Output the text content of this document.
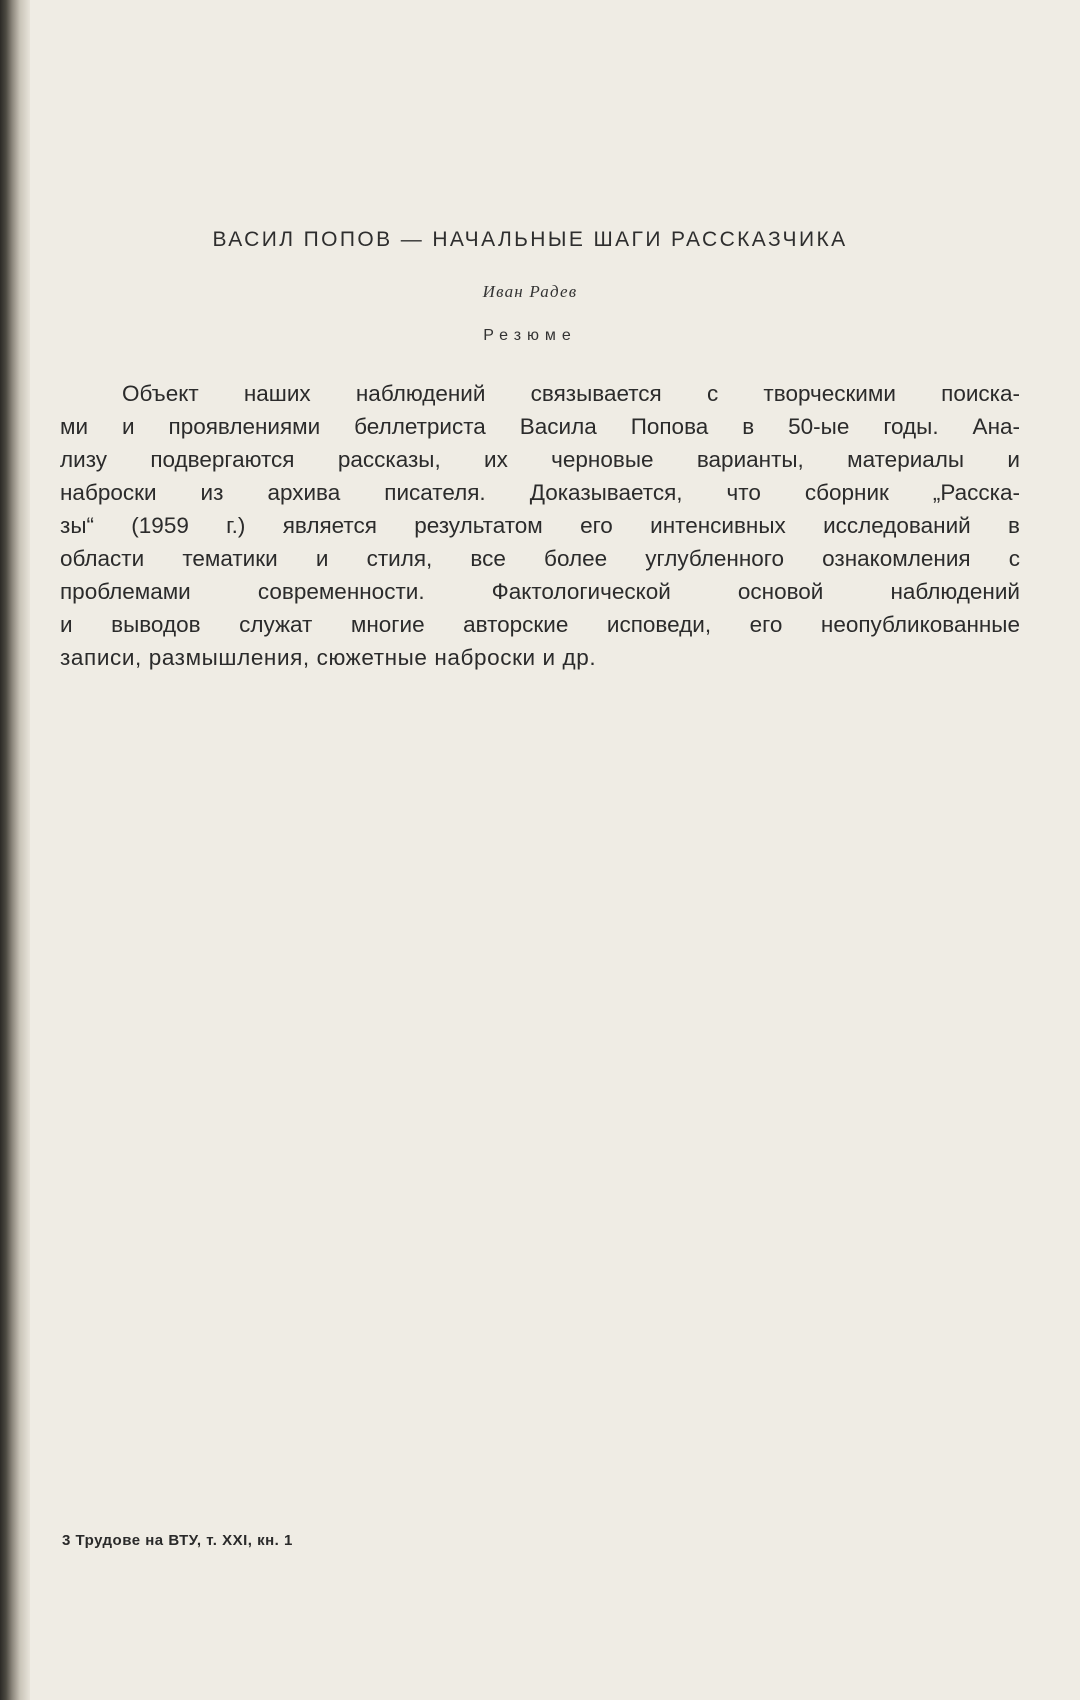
ВАСИЛ ПОПОВ — НАЧАЛЬНЫЕ ШАГИ РАССКАЗЧИКА
Иван Радев
Резюме
Объект наших наблюдений связывается с творческими поиска-
ми и проявлениями беллетриста Васила Попова в 50-ые годы. Ана-
лизу подвергаются рассказы, их черновые варианты, материалы и
наброски из архива писателя. Доказывается, что сборник „Расска-
зы“ (1959 г.) является результатом его интенсивных исследований в
области тематики и стиля, все более углубленного ознакомления с
проблемами современности. Фактологической основой наблюдений
и выводов служат многие авторские исповеди, его неопубликованные
записи, размышления, сюжетные наброски и др.
3 Трудове на ВТУ, т. XXI, кн. 1
